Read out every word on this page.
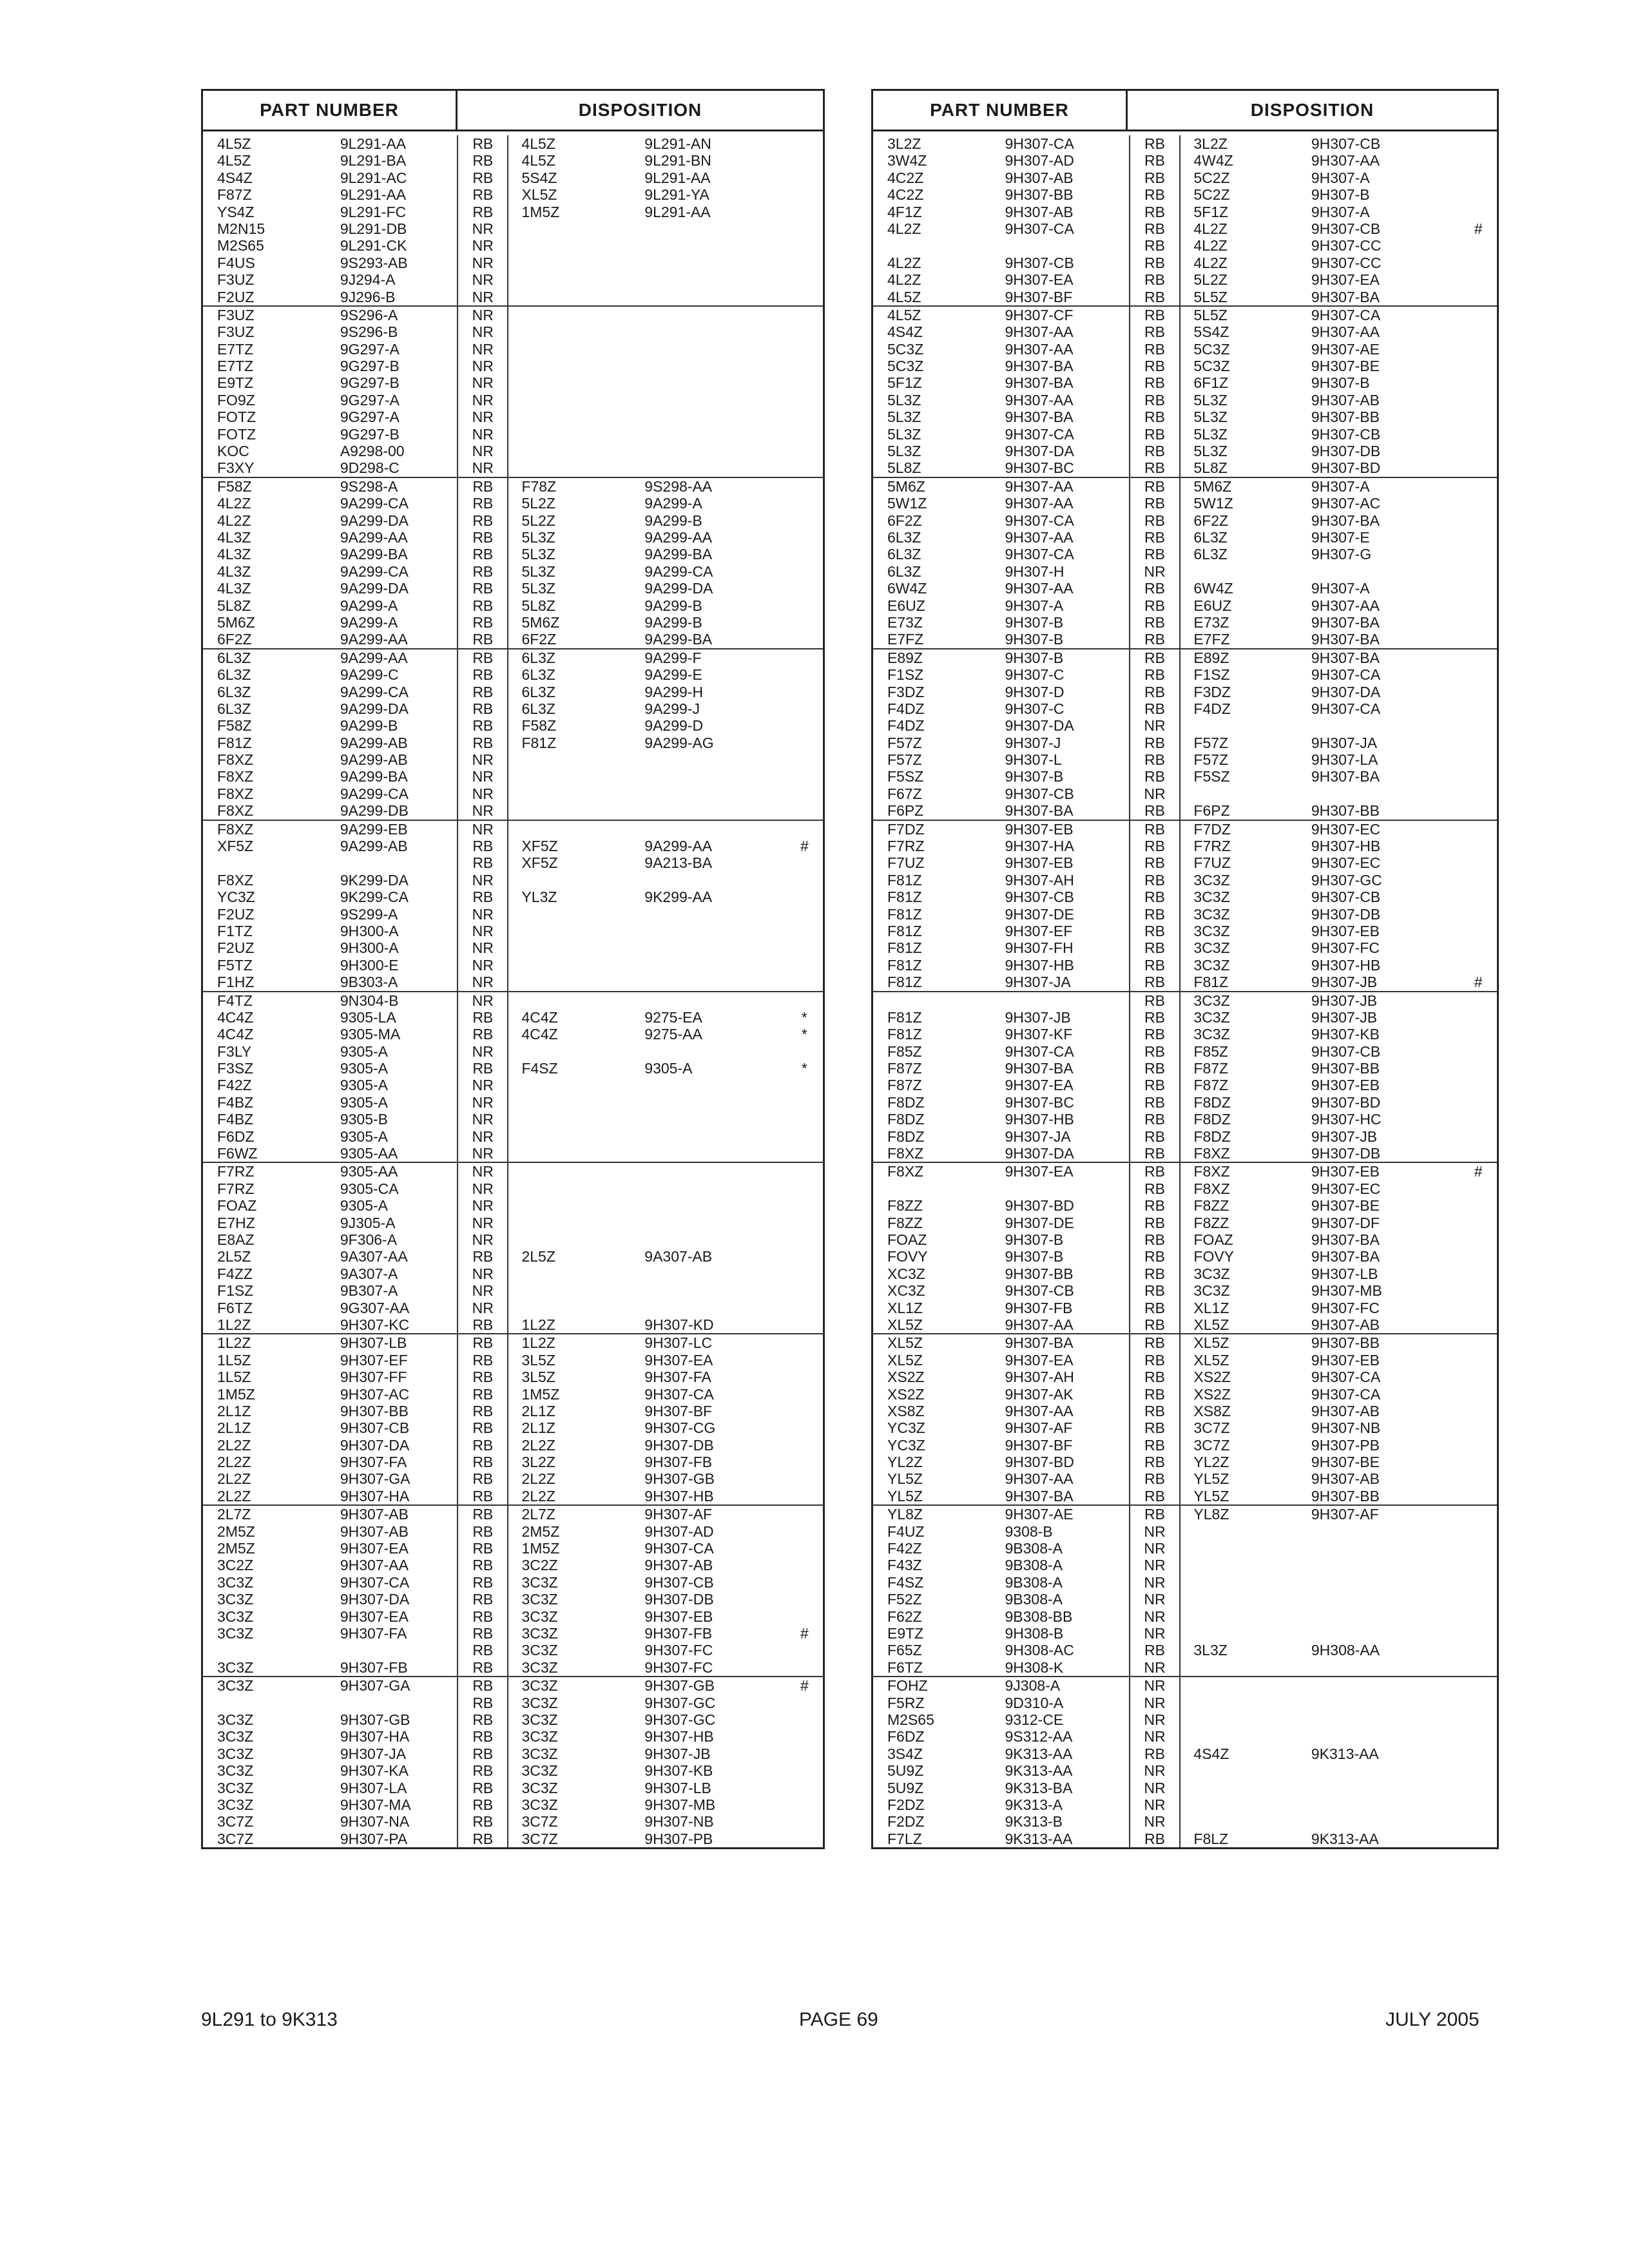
PART NUMBER	DISPOSITION
4L5Z	9L291-AA	RB	4L5Z	9L291-AN
4L5Z	9L291-BA	RB	4L5Z	9L291-BN
4S4Z	9L291-AC	RB	5S4Z	9L291-AA
F87Z	9L291-AA	RB	XL5Z	9L291-YA
YS4Z	9L291-FC	RB	1M5Z	9L291-AA
M2N15	9L291-DB	NR
M2S65	9L291-CK	NR
F4US	9S293-AB	NR
F3UZ	9J294-A	NR
F2UZ	9J296-B	NR
F3UZ	9S296-A	NR
F3UZ	9S296-B	NR
E7TZ	9G297-A	NR
E7TZ	9G297-B	NR
E9TZ	9G297-B	NR
FO9Z	9G297-A	NR
FOTZ	9G297-A	NR
FOTZ	9G297-B	NR
KOC	A9298-00	NR
F3XY	9D298-C	NR
F58Z	9S298-A	RB	F78Z	9S298-AA
4L2Z	9A299-CA	RB	5L2Z	9A299-A
4L2Z	9A299-DA	RB	5L2Z	9A299-B
4L3Z	9A299-AA	RB	5L3Z	9A299-AA
4L3Z	9A299-BA	RB	5L3Z	9A299-BA
4L3Z	9A299-CA	RB	5L3Z	9A299-CA
4L3Z	9A299-DA	RB	5L3Z	9A299-DA
5L8Z	9A299-A	RB	5L8Z	9A299-B
5M6Z	9A299-A	RB	5M6Z	9A299-B
6F2Z	9A299-AA	RB	6F2Z	9A299-BA
6L3Z	9A299-AA	RB	6L3Z	9A299-F
6L3Z	9A299-C	RB	6L3Z	9A299-E
6L3Z	9A299-CA	RB	6L3Z	9A299-H
6L3Z	9A299-DA	RB	6L3Z	9A299-J
F58Z	9A299-B	RB	F58Z	9A299-D
F81Z	9A299-AB	RB	F81Z	9A299-AG
F8XZ	9A299-AB	NR
F8XZ	9A299-BA	NR
F8XZ	9A299-CA	NR
F8XZ	9A299-DB	NR
F8XZ	9A299-EB	NR
XF5Z	9A299-AB	RB	XF5Z	9A299-AA	#
RB	XF5Z	9A213-BA
F8XZ	9K299-DA	NR
YC3Z	9K299-CA	RB	YL3Z	9K299-AA
F2UZ	9S299-A	NR
F1TZ	9H300-A	NR
F2UZ	9H300-A	NR
F5TZ	9H300-E	NR
F1HZ	9B303-A	NR
F4TZ	9N304-B	NR
4C4Z	9305-LA	RB	4C4Z	9275-EA	*
4C4Z	9305-MA	RB	4C4Z	9275-AA	*
F3LY	9305-A	NR
F3SZ	9305-A	RB	F4SZ	9305-A	*
F42Z	9305-A	NR
F4BZ	9305-A	NR
F4BZ	9305-B	NR
F6DZ	9305-A	NR
F6WZ	9305-AA	NR
F7RZ	9305-AA	NR
F7RZ	9305-CA	NR
FOAZ	9305-A	NR
E7HZ	9J305-A	NR
E8AZ	9F306-A	NR
2L5Z	9A307-AA	RB	2L5Z	9A307-AB
F4ZZ	9A307-A	NR
F1SZ	9B307-A	NR
F6TZ	9G307-AA	NR
1L2Z	9H307-KC	RB	1L2Z	9H307-KD
1L2Z	9H307-LB	RB	1L2Z	9H307-LC
1L5Z	9H307-EF	RB	3L5Z	9H307-EA
1L5Z	9H307-FF	RB	3L5Z	9H307-FA
1M5Z	9H307-AC	RB	1M5Z	9H307-CA
2L1Z	9H307-BB	RB	2L1Z	9H307-BF
2L1Z	9H307-CB	RB	2L1Z	9H307-CG
2L2Z	9H307-DA	RB	2L2Z	9H307-DB
2L2Z	9H307-FA	RB	3L2Z	9H307-FB
2L2Z	9H307-GA	RB	2L2Z	9H307-GB
2L2Z	9H307-HA	RB	2L2Z	9H307-HB
2L7Z	9H307-AB	RB	2L7Z	9H307-AF
2M5Z	9H307-AB	RB	2M5Z	9H307-AD
2M5Z	9H307-EA	RB	1M5Z	9H307-CA
3C2Z	9H307-AA	RB	3C2Z	9H307-AB
3C3Z	9H307-CA	RB	3C3Z	9H307-CB
3C3Z	9H307-DA	RB	3C3Z	9H307-DB
3C3Z	9H307-EA	RB	3C3Z	9H307-EB
3C3Z	9H307-FA	RB	3C3Z	9H307-FB	#
RB	3C3Z	9H307-FC
3C3Z	9H307-FB	RB	3C3Z	9H307-FC
3C3Z	9H307-GA	RB	3C3Z	9H307-GB	#
RB	3C3Z	9H307-GC
3C3Z	9H307-GB	RB	3C3Z	9H307-GC
3C3Z	9H307-HA	RB	3C3Z	9H307-HB
3C3Z	9H307-JA	RB	3C3Z	9H307-JB
3C3Z	9H307-KA	RB	3C3Z	9H307-KB
3C3Z	9H307-LA	RB	3C3Z	9H307-LB
3C3Z	9H307-MA	RB	3C3Z	9H307-MB
3C7Z	9H307-NA	RB	3C7Z	9H307-NB
3C7Z	9H307-PA	RB	3C7Z	9H307-PB
PART NUMBER	DISPOSITION
3L2Z	9H307-CA	RB	3L2Z	9H307-CB
3W4Z	9H307-AD	RB	4W4Z	9H307-AA
4C2Z	9H307-AB	RB	5C2Z	9H307-A
4C2Z	9H307-BB	RB	5C2Z	9H307-B
4F1Z	9H307-AB	RB	5F1Z	9H307-A
4L2Z	9H307-CA	RB	4L2Z	9H307-CB	#
RB	4L2Z	9H307-CC
4L2Z	9H307-CB	RB	4L2Z	9H307-CC
4L2Z	9H307-EA	RB	5L2Z	9H307-EA
4L5Z	9H307-BF	RB	5L5Z	9H307-BA
4L5Z	9H307-CF	RB	5L5Z	9H307-CA
4S4Z	9H307-AA	RB	5S4Z	9H307-AA
5C3Z	9H307-AA	RB	5C3Z	9H307-AE
5C3Z	9H307-BA	RB	5C3Z	9H307-BE
5F1Z	9H307-BA	RB	6F1Z	9H307-B
5L3Z	9H307-AA	RB	5L3Z	9H307-AB
5L3Z	9H307-BA	RB	5L3Z	9H307-BB
5L3Z	9H307-CA	RB	5L3Z	9H307-CB
5L3Z	9H307-DA	RB	5L3Z	9H307-DB
5L8Z	9H307-BC	RB	5L8Z	9H307-BD
5M6Z	9H307-AA	RB	5M6Z	9H307-A
5W1Z	9H307-AA	RB	5W1Z	9H307-AC
6F2Z	9H307-CA	RB	6F2Z	9H307-BA
6L3Z	9H307-AA	RB	6L3Z	9H307-E
6L3Z	9H307-CA	RB	6L3Z	9H307-G
6L3Z	9H307-H	NR
6W4Z	9H307-AA	RB	6W4Z	9H307-A
E6UZ	9H307-A	RB	E6UZ	9H307-AA
E73Z	9H307-B	RB	E73Z	9H307-BA
E7FZ	9H307-B	RB	E7FZ	9H307-BA
E89Z	9H307-B	RB	E89Z	9H307-BA
F1SZ	9H307-C	RB	F1SZ	9H307-CA
F3DZ	9H307-D	RB	F3DZ	9H307-DA
F4DZ	9H307-C	RB	F4DZ	9H307-CA
F4DZ	9H307-DA	NR
F57Z	9H307-J	RB	F57Z	9H307-JA
F57Z	9H307-L	RB	F57Z	9H307-LA
F5SZ	9H307-B	RB	F5SZ	9H307-BA
F67Z	9H307-CB	NR
F6PZ	9H307-BA	RB	F6PZ	9H307-BB
F7DZ	9H307-EB	RB	F7DZ	9H307-EC
F7RZ	9H307-HA	RB	F7RZ	9H307-HB
F7UZ	9H307-EB	RB	F7UZ	9H307-EC
F81Z	9H307-AH	RB	3C3Z	9H307-GC
F81Z	9H307-CB	RB	3C3Z	9H307-CB
F81Z	9H307-DE	RB	3C3Z	9H307-DB
F81Z	9H307-EF	RB	3C3Z	9H307-EB
F81Z	9H307-FH	RB	3C3Z	9H307-FC
F81Z	9H307-HB	RB	3C3Z	9H307-HB
F81Z	9H307-JA	RB	F81Z	9H307-JB	#
RB	3C3Z	9H307-JB
F81Z	9H307-JB	RB	3C3Z	9H307-JB
F81Z	9H307-KF	RB	3C3Z	9H307-KB
F85Z	9H307-CA	RB	F85Z	9H307-CB
F87Z	9H307-BA	RB	F87Z	9H307-BB
F87Z	9H307-EA	RB	F87Z	9H307-EB
F8DZ	9H307-BC	RB	F8DZ	9H307-BD
F8DZ	9H307-HB	RB	F8DZ	9H307-HC
F8DZ	9H307-JA	RB	F8DZ	9H307-JB
F8XZ	9H307-DA	RB	F8XZ	9H307-DB
F8XZ	9H307-EA	RB	F8XZ	9H307-EB	#
RB	F8XZ	9H307-EC
F8ZZ	9H307-BD	RB	F8ZZ	9H307-BE
F8ZZ	9H307-DE	RB	F8ZZ	9H307-DF
FOAZ	9H307-B	RB	FOAZ	9H307-BA
FOVY	9H307-B	RB	FOVY	9H307-BA
XC3Z	9H307-BB	RB	3C3Z	9H307-LB
XC3Z	9H307-CB	RB	3C3Z	9H307-MB
XL1Z	9H307-FB	RB	XL1Z	9H307-FC
XL5Z	9H307-AA	RB	XL5Z	9H307-AB
XL5Z	9H307-BA	RB	XL5Z	9H307-BB
XL5Z	9H307-EA	RB	XL5Z	9H307-EB
XS2Z	9H307-AH	RB	XS2Z	9H307-CA
XS2Z	9H307-AK	RB	XS2Z	9H307-CA
XS8Z	9H307-AA	RB	XS8Z	9H307-AB
YC3Z	9H307-AF	RB	3C7Z	9H307-NB
YC3Z	9H307-BF	RB	3C7Z	9H307-PB
YL2Z	9H307-BD	RB	YL2Z	9H307-BE
YL5Z	9H307-AA	RB	YL5Z	9H307-AB
YL5Z	9H307-BA	RB	YL5Z	9H307-BB
YL8Z	9H307-AE	RB	YL8Z	9H307-AF
F4UZ	9308-B	NR
F42Z	9B308-A	NR
F43Z	9B308-A	NR
F4SZ	9B308-A	NR
F52Z	9B308-A	NR
F62Z	9B308-BB	NR
E9TZ	9H308-B	NR
F65Z	9H308-AC	RB	3L3Z	9H308-AA
F6TZ	9H308-K	NR
FOHZ	9J308-A	NR
F5RZ	9D310-A	NR
M2S65	9312-CE	NR
F6DZ	9S312-AA	NR
3S4Z	9K313-AA	RB	4S4Z	9K313-AA
5U9Z	9K313-AA	NR
5U9Z	9K313-BA	NR
F2DZ	9K313-A	NR
F2DZ	9K313-B	NR
F7LZ	9K313-AA	RB	F8LZ	9K313-AA
9L291 to 9K313	PAGE 69	JULY 2005
